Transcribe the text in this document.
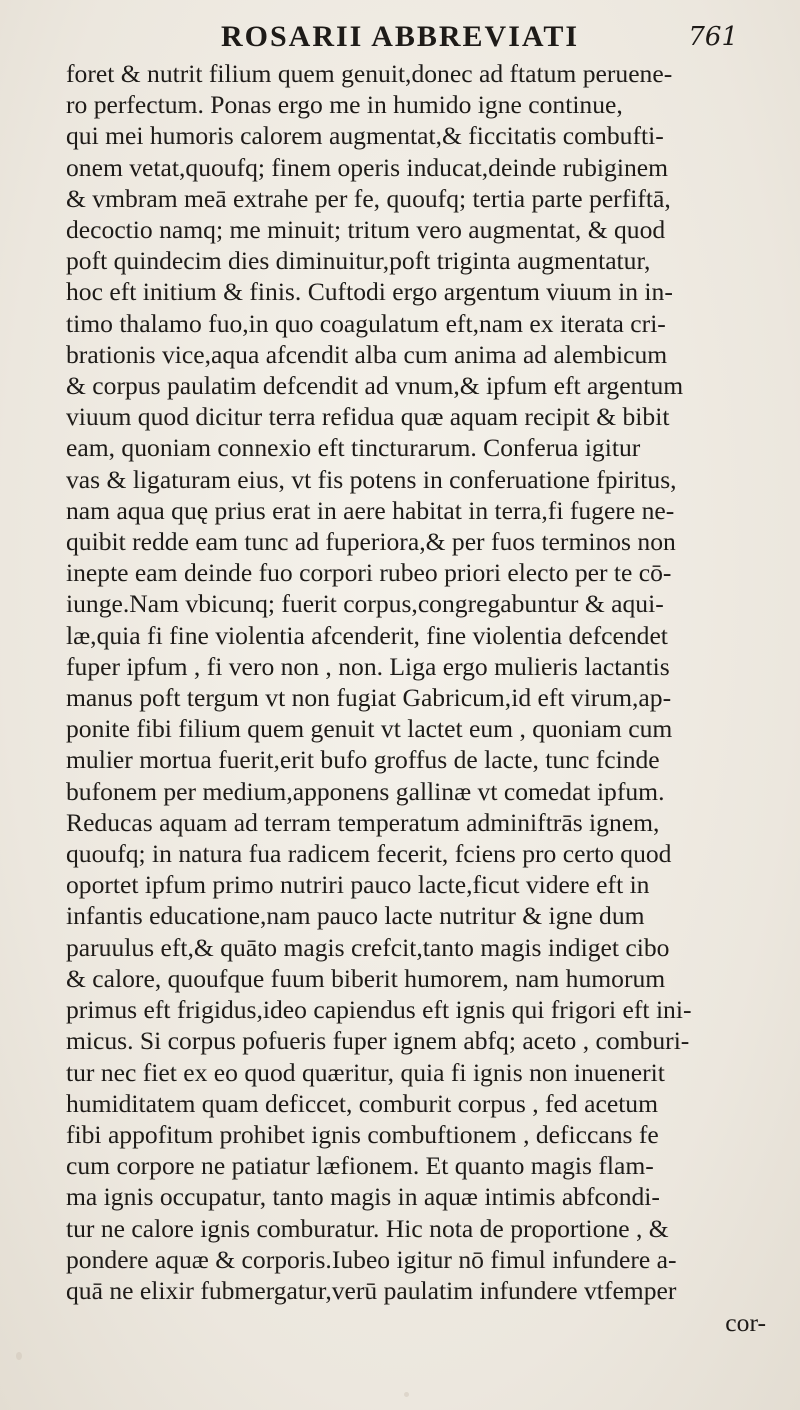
ROSARII ABBREVIATI	761
foret & nutrit filium quem genuit,donec ad ftatum peruene-
ro perfectum. Ponas ergo me in humido igne continue,
qui mei humoris calorem augmentat,& ficcitatis combufti-
onem vetat,quoufq; finem operis inducat,deinde rubiginem
& vmbram meā extrahe per fe, quoufq; tertia parte perfiftā,
decoctio namq; me minuit; tritum vero augmentat, & quod
poft quindecim dies diminuitur,poft triginta augmentatur,
hoc eft initium & finis. Cuftodi ergo argentum viuum in in-
timo thalamo fuo,in quo coagulatum eft,nam ex iterata cri-
brationis vice,aqua afcendit alba cum anima ad alembicum
& corpus paulatim defcendit ad vnum,& ipfum eft argentum
viuum quod dicitur terra refidua quæ aquam recipit & bibit
eam, quoniam connexio eft tincturarum. Conferua igitur
vas & ligaturam eius, vt fis potens in conferuatione fpiritus,
nam aqua quę prius erat in aere habitat in terra,fi fugere ne-
quibit redde eam tunc ad fuperiora,& per fuos terminos non
inepte eam deinde fuo corpori rubeo priori electo per te cō-
iunge.Nam vbicunq; fuerit corpus,congregabuntur & aqui-
læ,quia fi fine violentia afcenderit, fine violentia defcendet
fuper ipfum , fi vero non , non. Liga ergo mulieris lactantis
manus poft tergum vt non fugiat Gabricum,id eft virum,ap-
ponite fibi filium quem genuit vt lactet eum , quoniam cum
mulier mortua fuerit,erit bufo groffus de lacte, tunc fcinde
bufonem per medium,apponens gallinæ vt comedat ipfum.
Reducas aquam ad terram temperatum adminiftrās ignem,
quoufq; in natura fua radicem fecerit, fciens pro certo quod
oportet ipfum primo nutriri pauco lacte,ficut videre eft in
infantis educatione,nam pauco lacte nutritur & igne dum
paruulus eft,& quāto magis crefcit,tanto magis indiget cibo
& calore, quoufque fuum biberit humorem, nam humorum
primus eft frigidus,ideo capiendus eft ignis qui frigori eft ini-
micus. Si corpus pofueris fuper ignem abfq; aceto , comburi-
tur nec fiet ex eo quod quæritur, quia fi ignis non inuenerit
humiditatem quam deficcet, comburit corpus , fed acetum
fibi appofitum prohibet ignis combuftionem , deficcans fe
cum corpore ne patiatur læfionem. Et quanto magis flam-
ma ignis occupatur, tanto magis in aquæ intimis abfcondi-
tur ne calore ignis comburatur. Hic nota de proportione , &
pondere aquæ & corporis.Iubeo igitur nō fimul infundere a-
quā ne elixir fubmergatur,verū paulatim infundere vtfemper
cor-
